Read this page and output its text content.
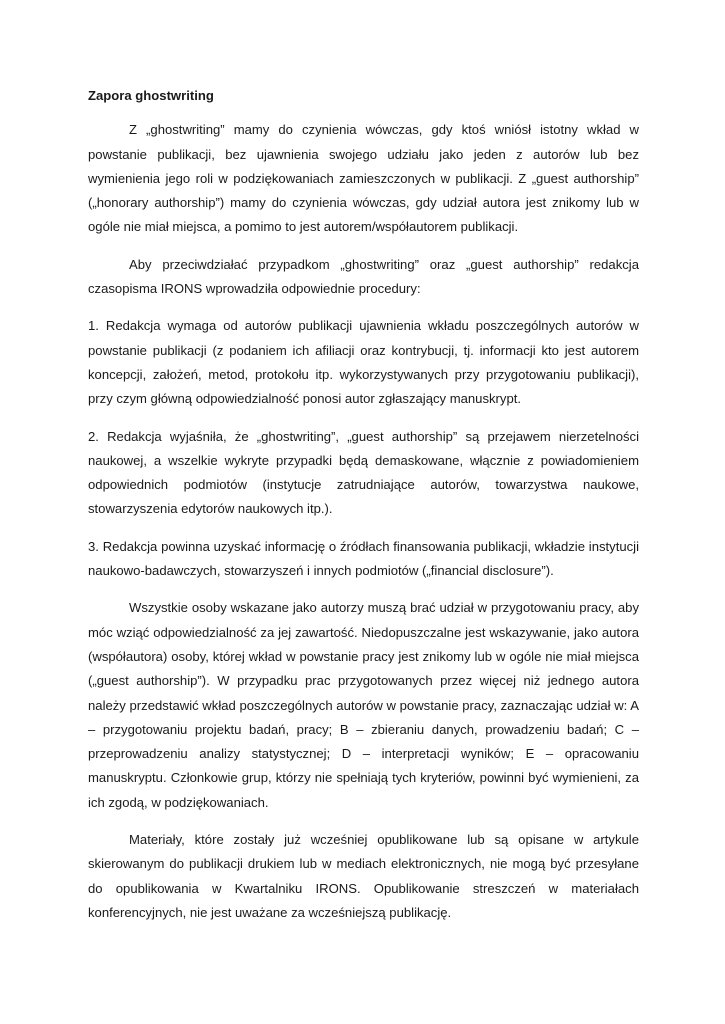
Zapora ghostwriting

Z „ghostwriting” mamy do czynienia wówczas, gdy ktoś wniósł istotny wkład w powstanie publikacji, bez ujawnienia swojego udziału jako jeden z autorów lub bez wymienienia jego roli w podziękowaniach zamieszczonych w publikacji. Z „guest authorship” („honorary authorship”) mamy do czynienia wówczas, gdy udział autora jest znikomy lub w ogóle nie miał miejsca, a pomimo to jest autorem/współautorem publikacji.

Aby przeciwdziałać przypadkom „ghostwriting” oraz „guest authorship” redakcja czasopisma IRONS wprowadziła odpowiednie procedury:

1. Redakcja wymaga od autorów publikacji ujawnienia wkładu poszczególnych autorów w powstanie publikacji (z podaniem ich afiliacji oraz kontrybucji, tj. informacji kto jest autorem koncepcji, założeń, metod, protokołu itp. wykorzystywanych przy przygotowaniu publikacji), przy czym główną odpowiedzialność ponosi autor zgłaszający manuskrypt.

2. Redakcja wyjaśniła, że „ghostwriting”, „guest authorship” są przejawem nierzetelności naukowej, a wszelkie wykryte przypadki będą demaskowane, włącznie z powiadomieniem odpowiednich podmiotów (instytucje zatrudniające autorów, towarzystwa naukowe, stowarzyszenia edytorów naukowych itp.).

3. Redakcja powinna uzyskać informację o źródłach finansowania publikacji, wkładzie instytucji naukowo-badawczych, stowarzyszeń i innych podmiotów („financial disclosure”).

Wszystkie osoby wskazane jako autorzy muszą brać udział w przygotowaniu pracy, aby móc wziąć odpowiedzialność za jej zawartość. Niedopuszczalne jest wskazywanie, jako autora (współautora) osoby, której wkład w powstanie pracy jest znikomy lub w ogóle nie miał miejsca („guest authorship”). W przypadku prac przygotowanych przez więcej niż jednego autora należy przedstawić wkład poszczególnych autorów w powstanie pracy, zaznaczając udział w: A – przygotowaniu projektu badań, pracy; B – zbieraniu danych, prowadzeniu badań; C – przeprowadzeniu analizy statystycznej; D – interpretacji wyników; E – opracowaniu manuskryptu. Członkowie grup, którzy nie spełniają tych kryteriów, powinni być wymienieni, za ich zgodą, w podziękowaniach.

Materiały, które zostały już wcześniej opublikowane lub są opisane w artykule skierowanym do publikacji drukiem lub w mediach elektronicznych, nie mogą być przesyłane do opublikowania w Kwartalniku IRONS. Opublikowanie streszczeń w materiałach konferencyjnych, nie jest uważane za wcześniejszą publikację.
